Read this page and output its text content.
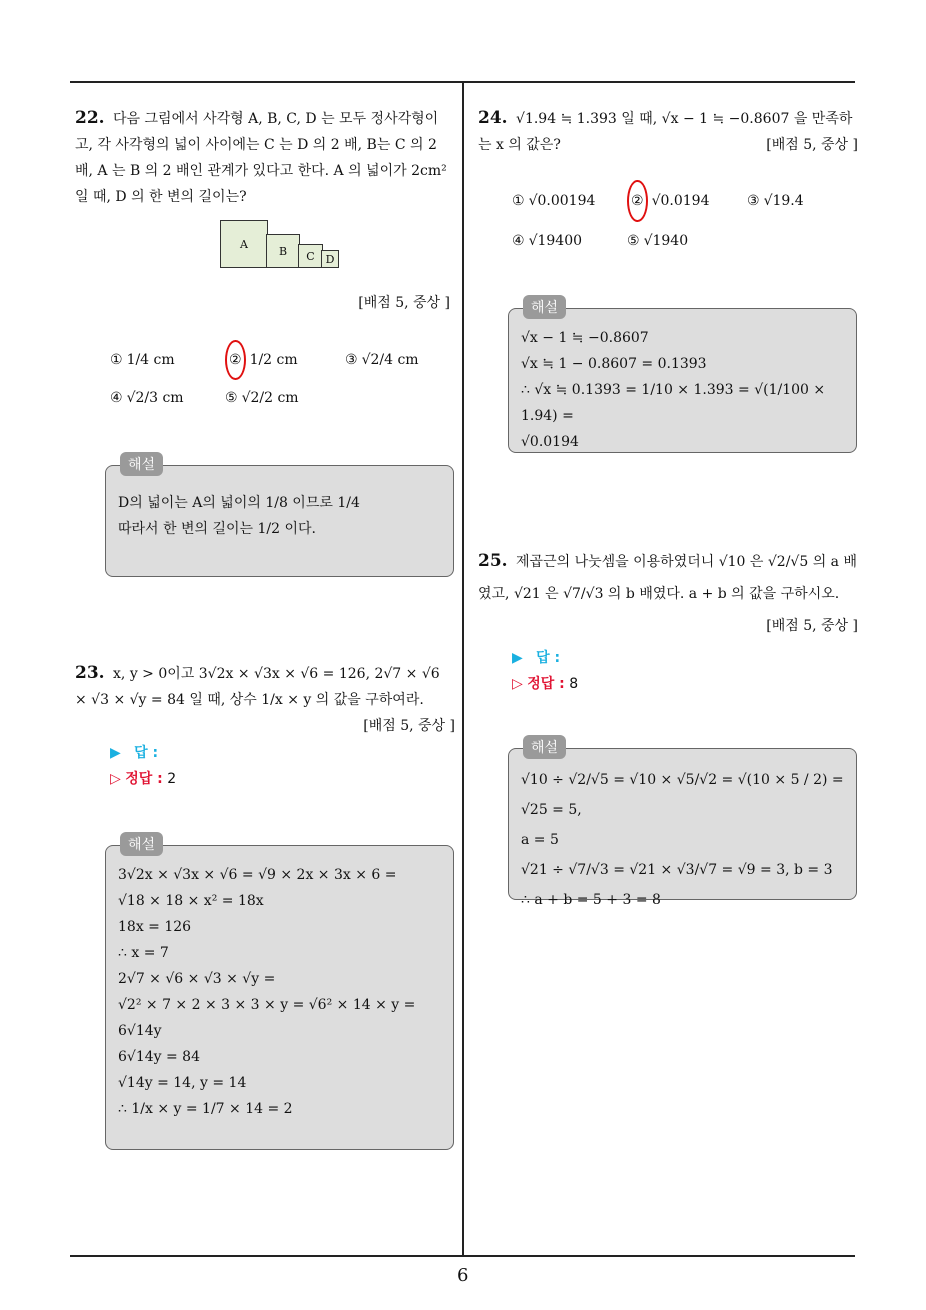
6
22. 다음 그림에서 사각형 A, B, C, D 는 모두 정사각형이고, 각 사각형의 넓이 사이에는 C 는 D 의 2 배, B는 C 의 2 배, A 는 B 의 2 배인 관계가 있다고 한다. A 의 넓이가 2cm² 일 때, D 의 한 변의 길이는?
A
B C D
[배점 5, 중상 ]
① 1/4 cm	② 1/2 cm	③ √2/4 cm
④ √2/3 cm	⑤ √2/2 cm
해설
D의 넓이는 A의 넓이의 1/8 이므로 1/4
따라서 한 변의 길이는 1/2 이다.
23. x, y > 0이고 3√2x × √3x × √6 = 126, 2√7 × √6 × √3 × √y = 84 일 때, 상수 1/x × y 의 값을 구하여라.
[배점 5, 중상 ]
▶ 답 :
▷ 정답 : 2
해설
3√2x × √3x × √6 = √9 × 2x × 3x × 6 =
√18 × 18 × x² = 18x
18x = 126
∴ x = 7
2√7 × √6 × √3 × √y =
√2² × 7 × 2 × 3 × 3 × y = √6² × 14 × y =
6√14y
6√14y = 84
√14y = 14, y = 14
∴ 1/x × y = 1/7 × 14 = 2
24. √1.94 ≒ 1.393 일 때, √x − 1 ≒ −0.8607 을 만족하는 x 의 값은?	[배점 5, 중상 ]
① √0.00194	② √0.0194	③ √19.4
④ √19400	⑤ √1940
해설
√x − 1 ≒ −0.8607
√x ≒ 1 − 0.8607 = 0.1393
∴ √x ≒ 0.1393 = 1/10 × 1.393 = √(1/100 × 1.94) =
√0.0194
25. 제곱근의 나눗셈을 이용하였더니 √10 은 √2/√5 의 a 배였고, √21 은 √7/√3 의 b 배였다. a + b 의 값을 구하시오.
[배점 5, 중상 ]
▶ 답 :
▷ 정답 : 8
해설
√10 ÷ √2/√5 = √10 × √5/√2 = √(10 × 5 / 2) = √25 = 5,
a = 5
√21 ÷ √7/√3 = √21 × √3/√7 = √9 = 3, b = 3
∴ a + b = 5 + 3 = 8
